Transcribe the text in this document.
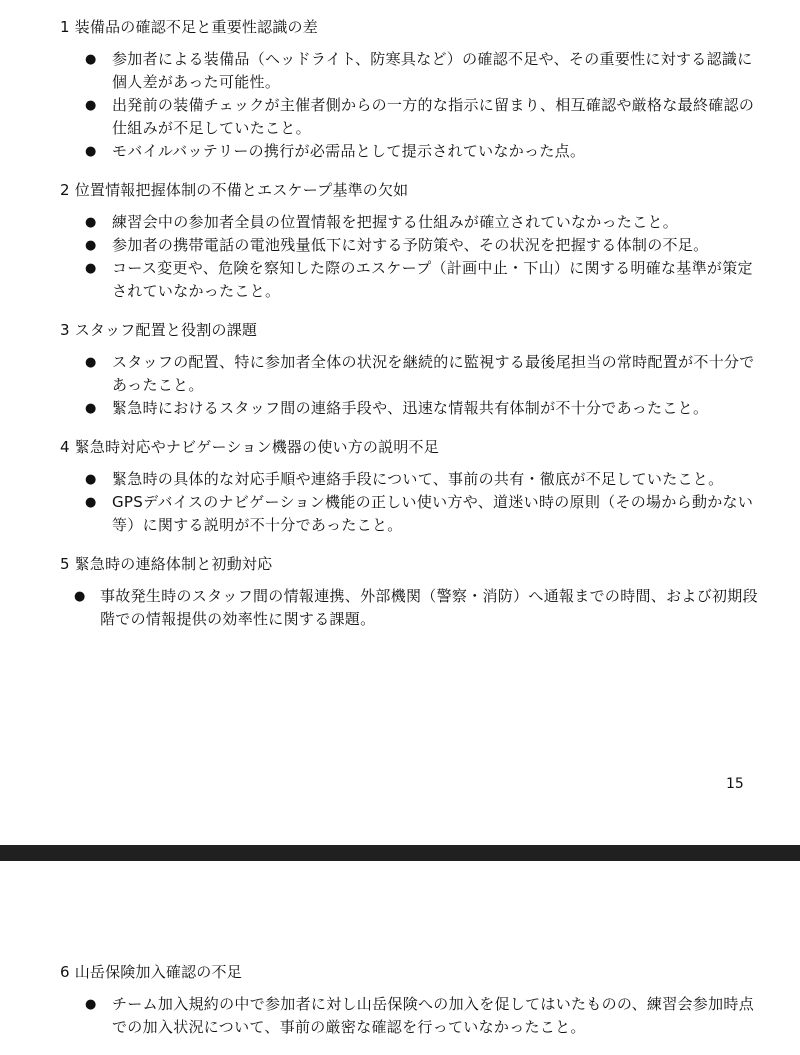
1 装備品の確認不足と重要性認識の差
● 参加者による装備品（ヘッドライト、防寒具など）の確認不足や、その重要性に対する認識に個人差があった可能性。
● 出発前の装備チェックが主催者側からの一方的な指示に留まり、相互確認や厳格な最終確認の仕組みが不足していたこと。
● モバイルバッテリーの携行が必需品として提示されていなかった点。
2 位置情報把握体制の不備とエスケープ基準の欠如
● 練習会中の参加者全員の位置情報を把握する仕組みが確立されていなかったこと。
● 参加者の携帯電話の電池残量低下に対する予防策や、その状況を把握する体制の不足。
● コース変更や、危険を察知した際のエスケープ（計画中止・下山）に関する明確な基準が策定されていなかったこと。
3 スタッフ配置と役割の課題
● スタッフの配置、特に参加者全体の状況を継続的に監視する最後尾担当の常時配置が不十分であったこと。
● 緊急時におけるスタッフ間の連絡手段や、迅速な情報共有体制が不十分であったこと。
4 緊急時対応やナビゲーション機器の使い方の説明不足
● 緊急時の具体的な対応手順や連絡手段について、事前の共有・徹底が不足していたこと。
● GPSデバイスのナビゲーション機能の正しい使い方や、道迷い時の原則（その場から動かない等）に関する説明が不十分であったこと。
5 緊急時の連絡体制と初動対応
● 事故発生時のスタッフ間の情報連携、外部機関（警察・消防）へ通報までの時間、および初期段階での情報提供の効率性に関する課題。
15
6 山岳保険加入確認の不足
● チーム加入規約の中で参加者に対し山岳保険への加入を促してはいたものの、練習会参加時点での加入状況について、事前の厳密な確認を行っていなかったこと。
